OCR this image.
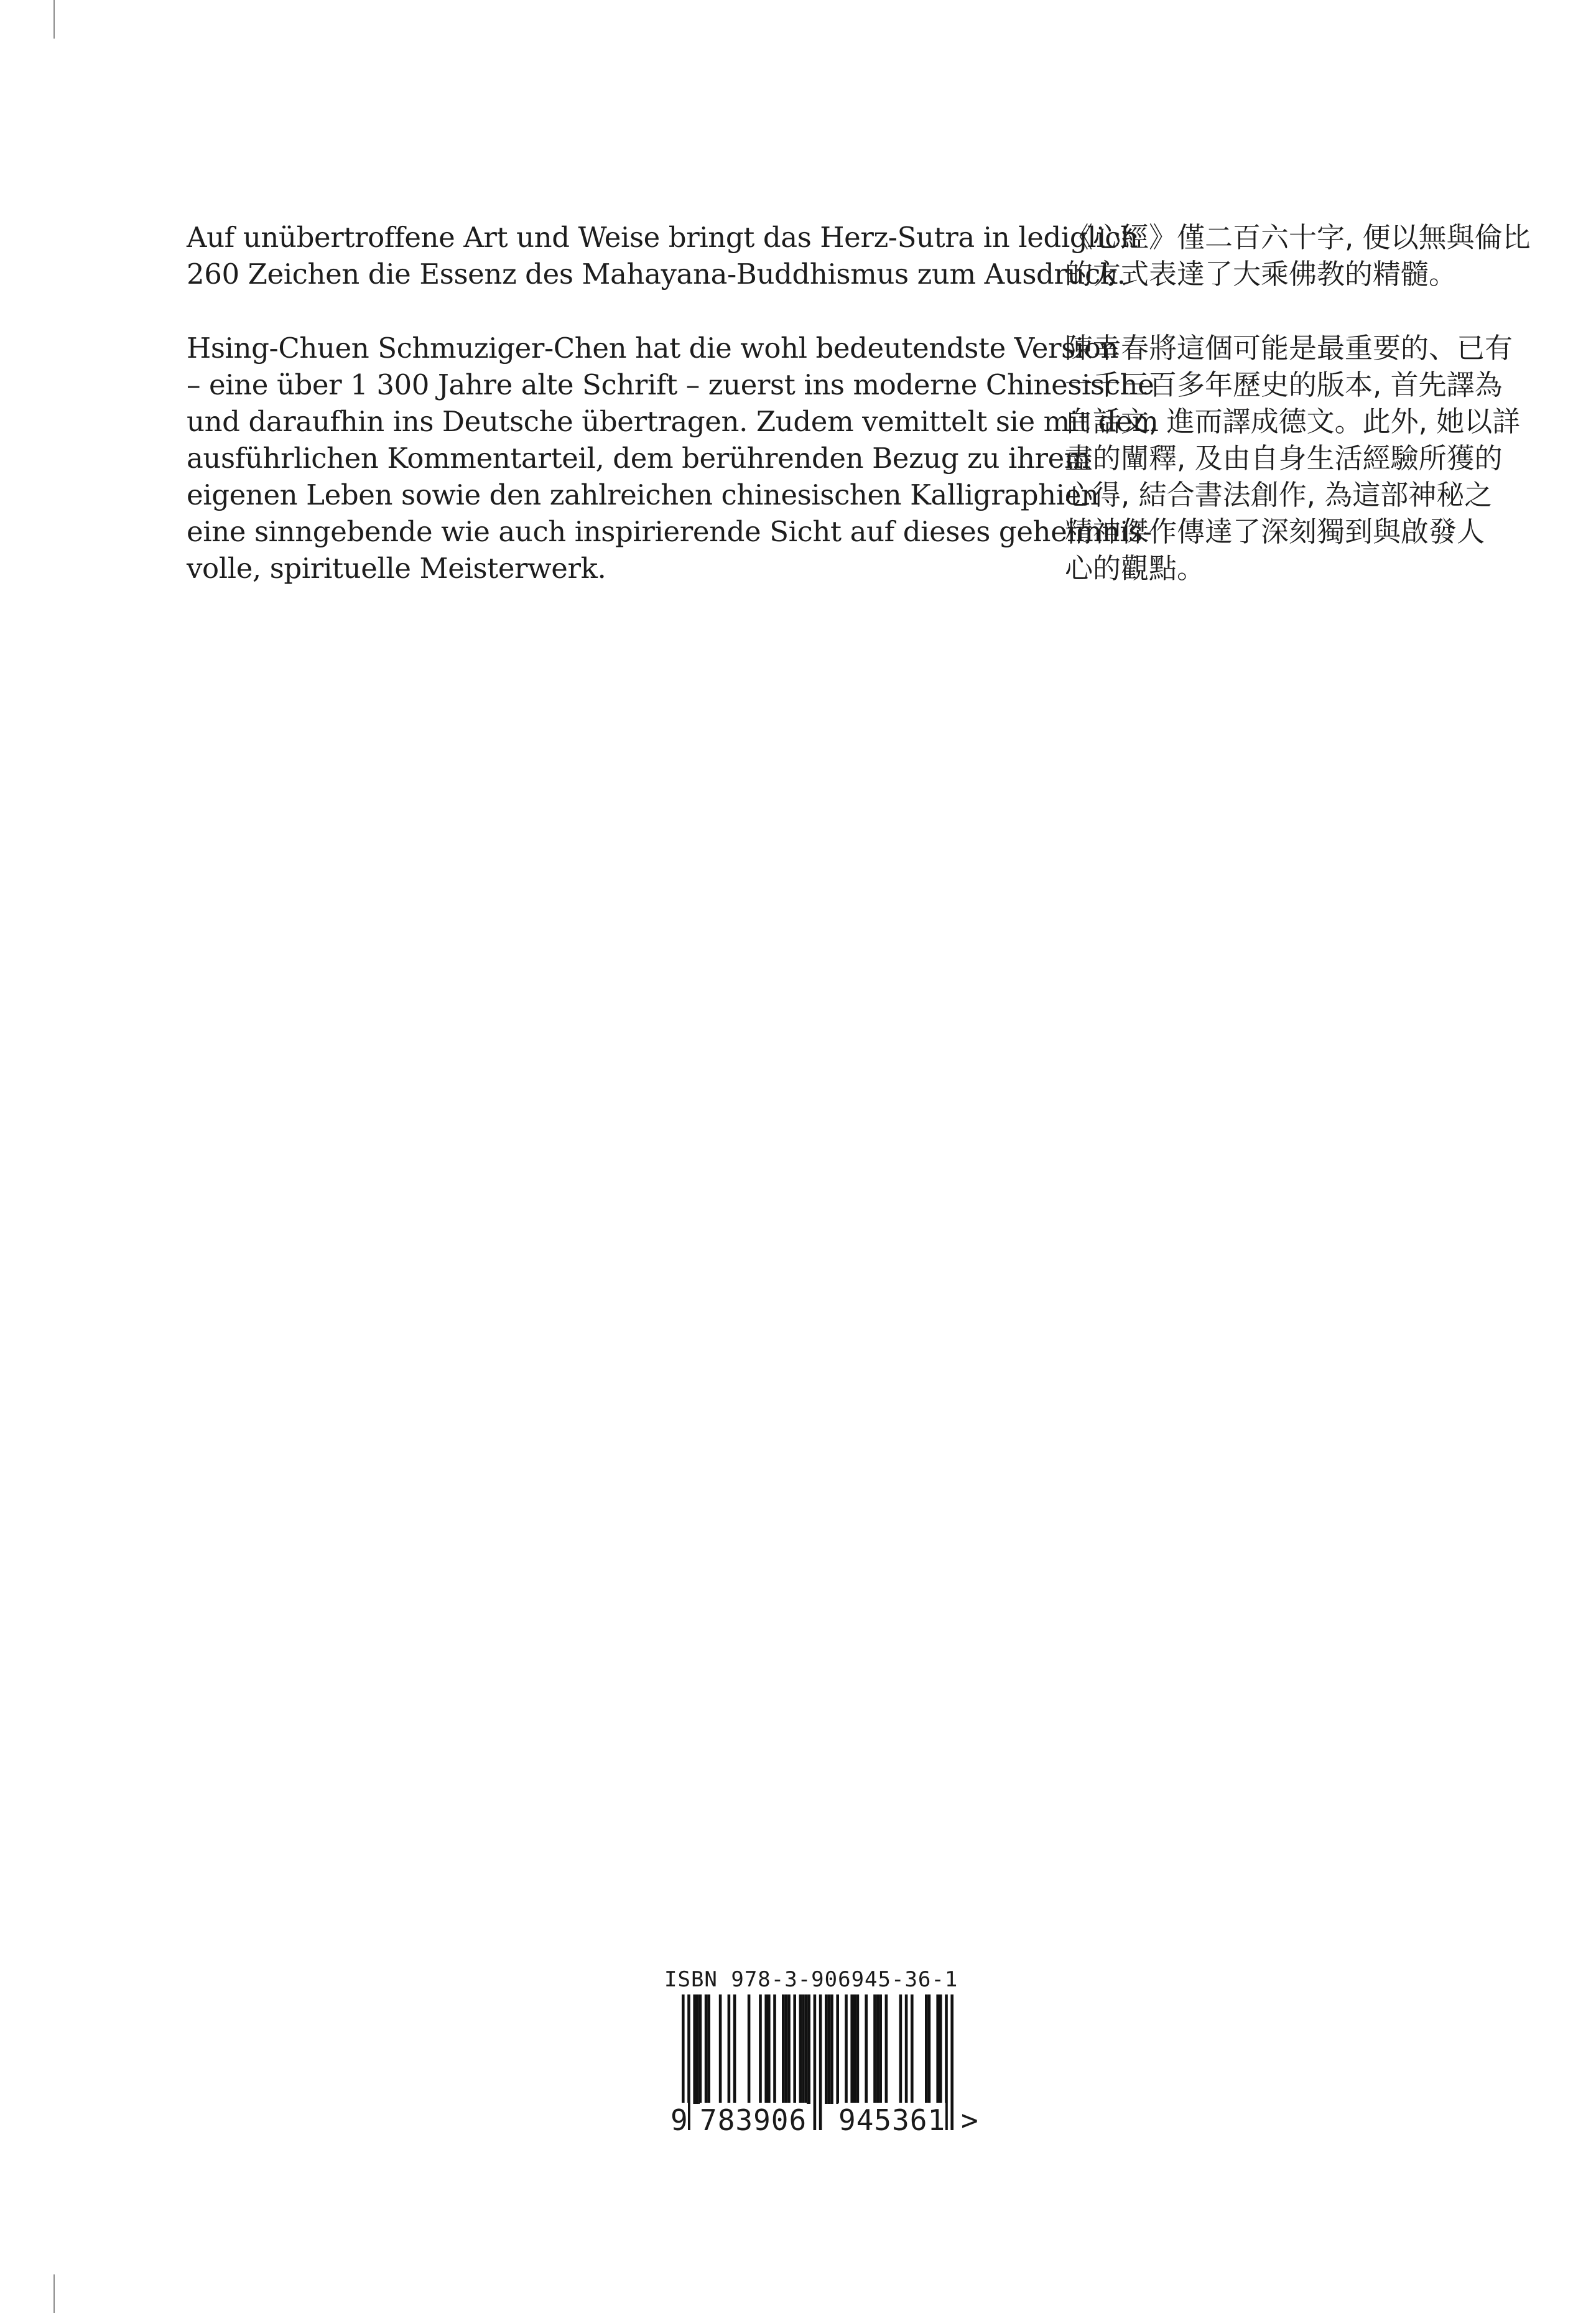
Auf unübertroffene Art und Weise bringt das Herz-Sutra in lediglich
260 Zeichen die Essenz des Mahayana-Buddhismus zum Ausdruck.

Hsing-Chuen Schmuziger-Chen hat die wohl bedeutendste Version
– eine über 1 300 Jahre alte Schrift – zuerst ins moderne Chinesische
und daraufhin ins Deutsche übertragen. Zudem vemittelt sie mit dem
ausführlichen Kommentarteil, dem berührenden Bezug zu ihrem
eigenen Leben sowie den zahlreichen chinesischen Kalligraphien
eine sinngebende wie auch inspirierende Sicht auf dieses geheimnis-
volle, spirituelle Meisterwerk.

《心經》僅二百六十字, 便以無與倫比
的方式表達了大乘佛教的精髓。

陳幸春將這個可能是最重要的、已有
一千三百多年歷史的版本, 首先譯為
白話文, 進而譯成德文。此外, 她以詳
盡的闡釋, 及由自身生活經驗所獲的
心得, 結合書法創作, 為這部神秘之
精神傑作傳達了深刻獨到與啟發人
心的觀點。

ISBN 978-3-906945-36-1
9 783906 945361 >
